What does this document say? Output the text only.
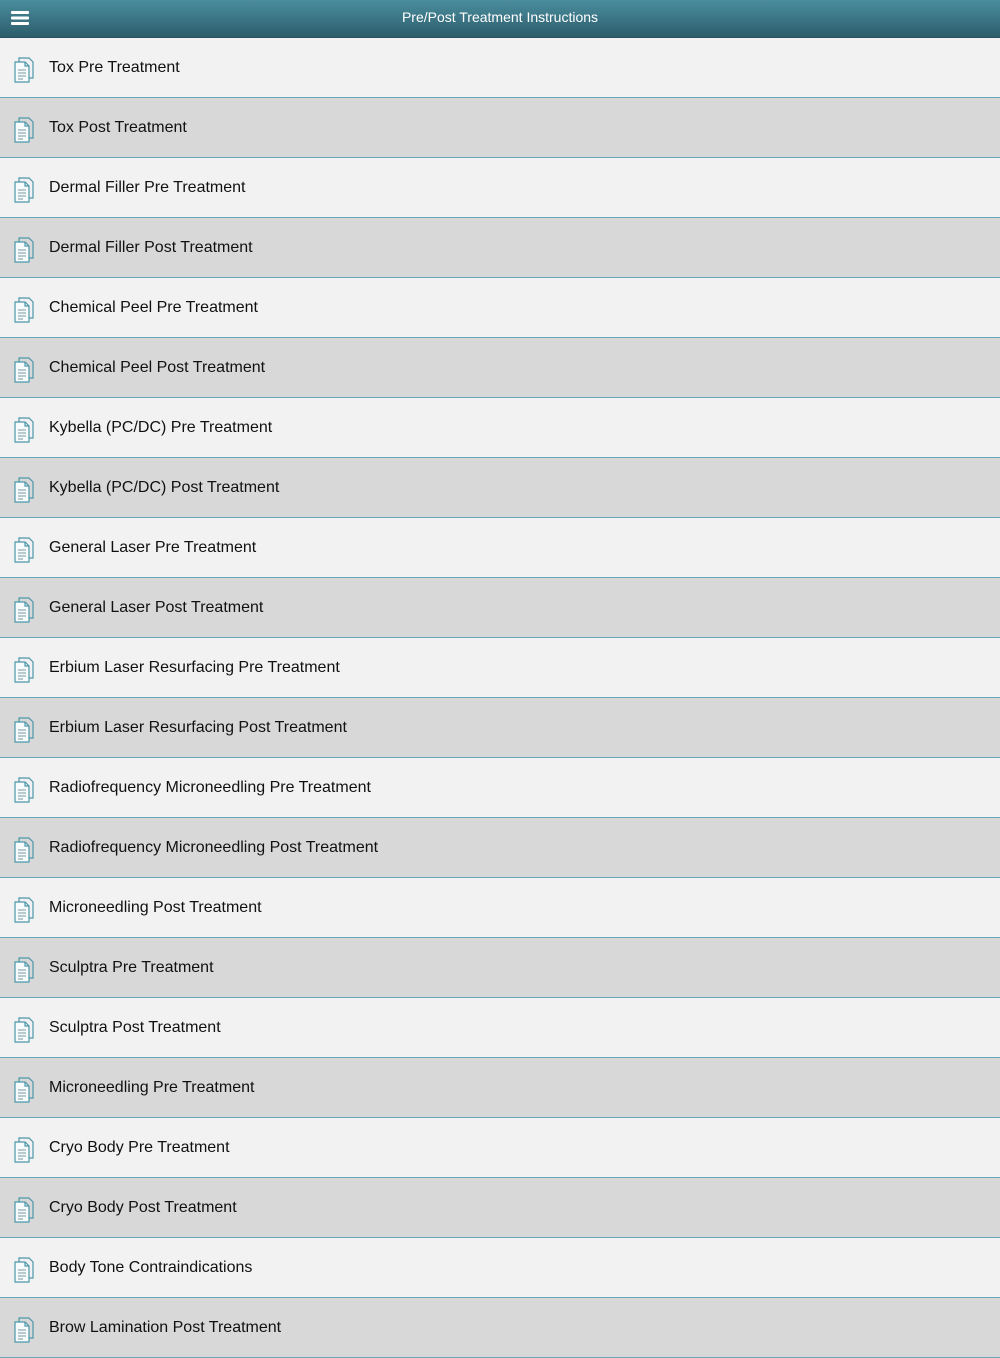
Pre/Post Treatment Instructions
Tox Pre Treatment
Tox Post Treatment
Dermal Filler Pre Treatment
Dermal Filler Post Treatment
Chemical Peel Pre Treatment
Chemical Peel Post Treatment
Kybella (PC/DC) Pre Treatment
Kybella (PC/DC) Post Treatment
General Laser Pre Treatment
General Laser Post Treatment
Erbium Laser Resurfacing Pre Treatment
Erbium Laser Resurfacing Post Treatment
Radiofrequency Microneedling Pre Treatment
Radiofrequency Microneedling Post Treatment
Microneedling Post Treatment
Sculptra Pre Treatment
Sculptra Post Treatment
Microneedling Pre Treatment
Cryo Body Pre Treatment
Cryo Body Post Treatment
Body Tone Contraindications
Brow Lamination Post Treatment
